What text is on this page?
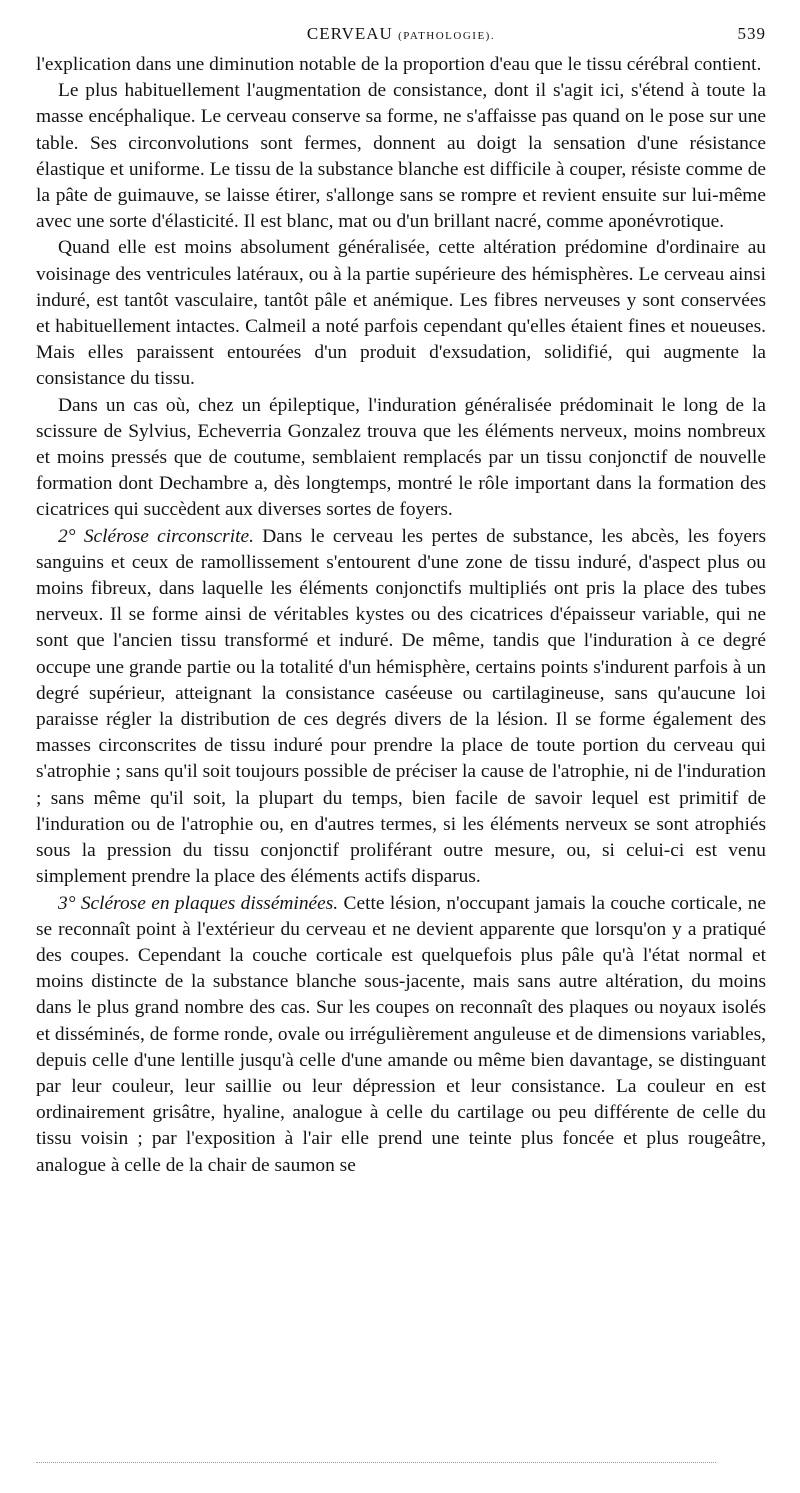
CERVEAU (PATHOLOGIE).	539

l'explication dans une diminution notable de la proportion d'eau que le tissu cérébral contient.

Le plus habituellement l'augmentation de consistance, dont il s'agit ici, s'étend à toute la masse encéphalique. Le cerveau conserve sa forme, ne s'affaisse pas quand on le pose sur une table. Ses circonvolutions sont fermes, donnent au doigt la sensation d'une résistance élastique et uniforme. Le tissu de la substance blanche est difficile à couper, résiste comme de la pâte de guimauve, se laisse étirer, s'allonge sans se rompre et revient ensuite sur lui-même avec une sorte d'élasticité. Il est blanc, mat ou d'un brillant nacré, comme aponévrotique.

Quand elle est moins absolument généralisée, cette altération prédomine d'ordinaire au voisinage des ventricules latéraux, ou à la partie supérieure des hémisphères. Le cerveau ainsi induré, est tantôt vasculaire, tantôt pâle et anémique. Les fibres nerveuses y sont conservées et habituellement intactes. Calmeil a noté parfois cependant qu'elles étaient fines et noueuses. Mais elles paraissent entourées d'un produit d'exsudation, solidifié, qui augmente la consistance du tissu.

Dans un cas où, chez un épileptique, l'induration généralisée prédominait le long de la scissure de Sylvius, Echeverria Gonzalez trouva que les éléments nerveux, moins nombreux et moins pressés que de coutume, semblaient remplacés par un tissu conjonctif de nouvelle formation dont Dechambre a, dès longtemps, montré le rôle important dans la formation des cicatrices qui succèdent aux diverses sortes de foyers.

2° Sclérose circonscrite. Dans le cerveau les pertes de substance, les abcès, les foyers sanguins et ceux de ramollissement s'entourent d'une zone de tissu induré, d'aspect plus ou moins fibreux, dans laquelle les éléments conjonctifs multipliés ont pris la place des tubes nerveux. Il se forme ainsi de véritables kystes ou des cicatrices d'épaisseur variable, qui ne sont que l'ancien tissu transformé et induré. De même, tandis que l'induration à ce degré occupe une grande partie ou la totalité d'un hémisphère, certains points s'indurent parfois à un degré supérieur, atteignant la consistance caséeuse ou cartilagineuse, sans qu'aucune loi paraisse régler la distribution de ces degrés divers de la lésion. Il se forme également des masses circonscrites de tissu induré pour prendre la place de toute portion du cerveau qui s'atrophie ; sans qu'il soit toujours possible de préciser la cause de l'atrophie, ni de l'induration ; sans même qu'il soit, la plupart du temps, bien facile de savoir lequel est primitif de l'induration ou de l'atrophie ou, en d'autres termes, si les éléments nerveux se sont atrophiés sous la pression du tissu conjonctif proliférant outre mesure, ou, si celui-ci est venu simplement prendre la place des éléments actifs disparus.

3° Sclérose en plaques disséminées. Cette lésion, n'occupant jamais la couche corticale, ne se reconnaît point à l'extérieur du cerveau et ne devient apparente que lorsqu'on y a pratiqué des coupes. Cependant la couche corticale est quelquefois plus pâle qu'à l'état normal et moins distincte de la substance blanche sous-jacente, mais sans autre altération, du moins dans le plus grand nombre des cas. Sur les coupes on reconnaît des plaques ou noyaux isolés et disséminés, de forme ronde, ovale ou irrégulièrement anguleuse et de dimensions variables, depuis celle d'une lentille jusqu'à celle d'une amande ou même bien davantage, se distinguant par leur couleur, leur saillie ou leur dépression et leur consistance. La couleur en est ordinairement grisâtre, hyaline, analogue à celle du cartilage ou peu différente de celle du tissu voisin ; par l'exposition à l'air elle prend une teinte plus foncée et plus rougeâtre, analogue à celle de la chair de saumon se
